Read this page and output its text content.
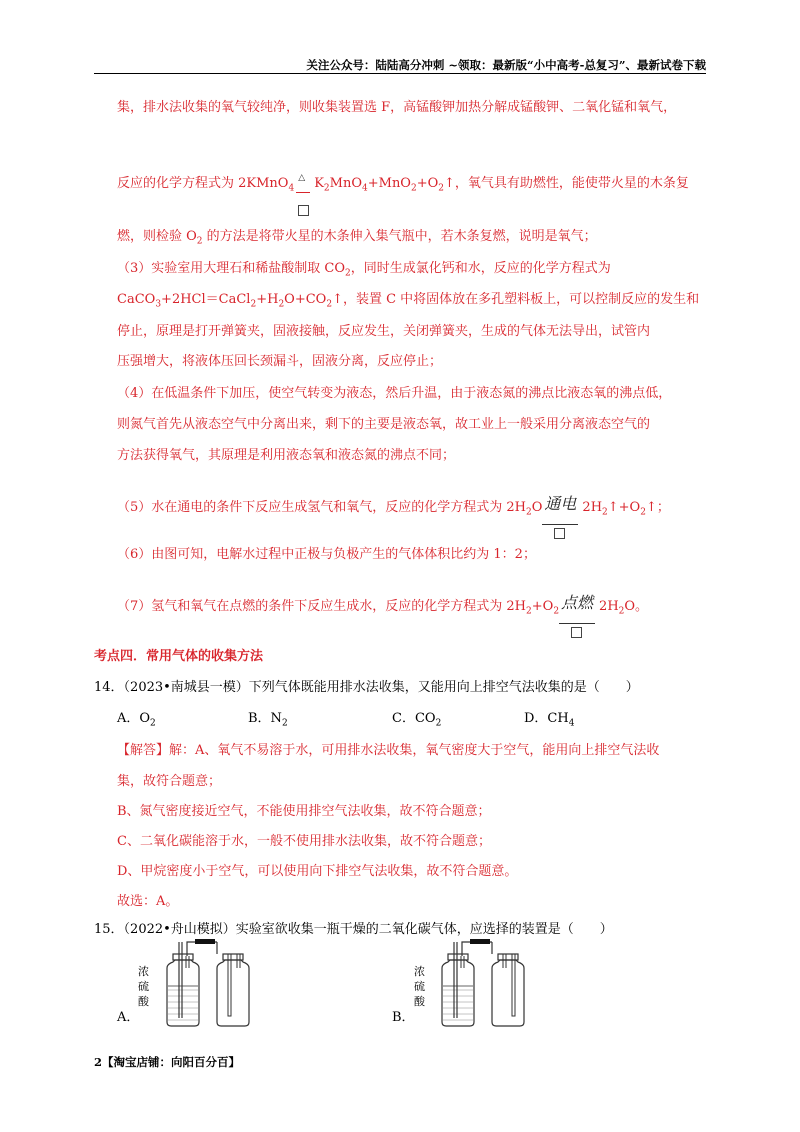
关注公众号：陆陆高分冲刺 ~领取：最新版“小中高考-总复习”、最新试卷下载
集，排水法收集的氧气较纯净，则收集装置选 F，高锰酸钾加热分解成锰酸钾、二氧化锰和氧气，
反应的化学方程式为 2KMnO$_4$
△ $K_2MnO_4+MnO_2+O_2↑$，氧气具有助燃性，能使带火星的木条复
燃，则检验 $O_2$ 的方法是将带火星的木条伸入集气瓶中，若木条复燃，说明是氧气；
（3）实验室用大理石和稀盐酸制取 $CO_2$，同时生成氯化钙和水，反应的化学方程式为
$CaCO_3+2HCl=CaCl_2+H_2O+CO_2↑$，装置 C 中将固体放在多孔塑料板上，可以控制反应的发生和
停止，原理是打开弹簧夹，固液接触，反应发生，关闭弹簧夹，生成的气体无法导出，试管内
压强增大，将液体压回长颈漏斗，固液分离，反应停止；
（4）在低温条件下加压，使空气转变为液态，然后升温，由于液态氮的沸点比液态氧的沸点低，
则氮气首先从液态空气中分离出来，剩下的主要是液态氧，故工业上一般采用分离液态空气的
方法获得氧气，其原理是利用液态氧和液态氮的沸点不同；
（5）水在通电的条件下反应生成氢气和氧气，反应的化学方程式为 $2H_2O$ 通电 $2H_2↑+O_2↑$；
（6）由图可知，电解水过程中正极与负极产生的气体体积比约为 1：2；
（7）氢气和氧气在点燃的条件下反应生成水，反应的化学方程式为 $2H_2+O_2$ 点燃 $2H_2O$。
考点四．常用气体的收集方法
14．（2023•南城县一模）下列气体既能用排水法收集，又能用向上排空气法收集的是（　　）
A．$O_2$	B．$N_2$	C．$CO_2$	D．$CH_4$
【解答】解：A、氧气不易溶于水，可用排水法收集，氧气密度大于空气，能用向上排空气法收
集，故符合题意；
B、氮气密度接近空气，不能使用排空气法收集，故不符合题意；
C、二氧化碳能溶于水，一般不使用排水法收集，故不符合题意；
D、甲烷密度小于空气，可以使用向下排空气法收集，故不符合题意。
故选：A。
15．（2022•舟山模拟）实验室欲收集一瓶干燥的二氧化碳气体，应选择的装置是（　　）
A．
浓
硫
酸
B．
浓
硫
酸
2【淘宝店铺：向阳百分百】
